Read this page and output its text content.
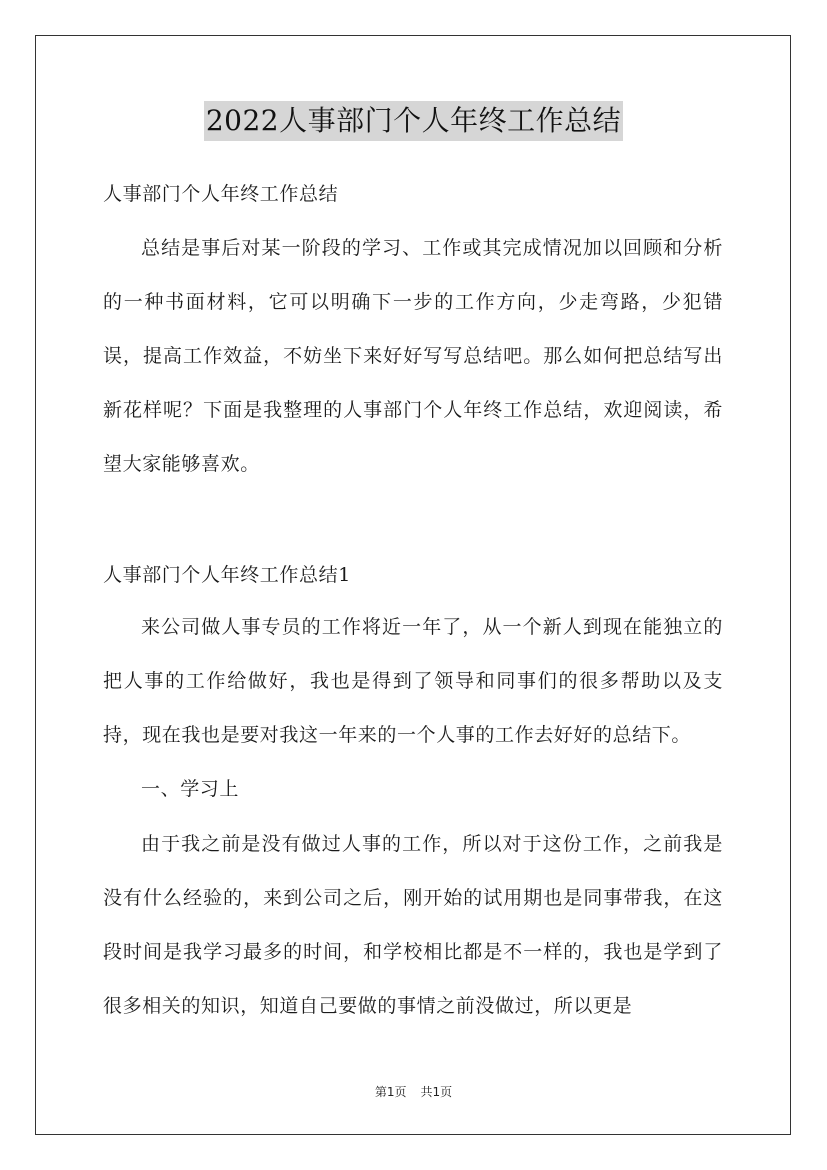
2022人事部门个人年终工作总结
人事部门个人年终工作总结
总结是事后对某一阶段的学习、工作或其完成情况加以回顾和分析的一种书面材料，它可以明确下一步的工作方向，少走弯路，少犯错误，提高工作效益，不妨坐下来好好写写总结吧。那么如何把总结写出新花样呢？下面是我整理的人事部门个人年终工作总结，欢迎阅读，希望大家能够喜欢。
人事部门个人年终工作总结1
来公司做人事专员的工作将近一年了，从一个新人到现在能独立的把人事的工作给做好，我也是得到了领导和同事们的很多帮助以及支持，现在我也是要对我这一年来的一个人事的工作去好好的总结下。
一、学习上
由于我之前是没有做过人事的工作，所以对于这份工作，之前我是没有什么经验的，来到公司之后，刚开始的试用期也是同事带我，在这段时间是我学习最多的时间，和学校相比都是不一样的，我也是学到了很多相关的知识，知道自己要做的事情之前没做过，所以更是
第1页 共1页
